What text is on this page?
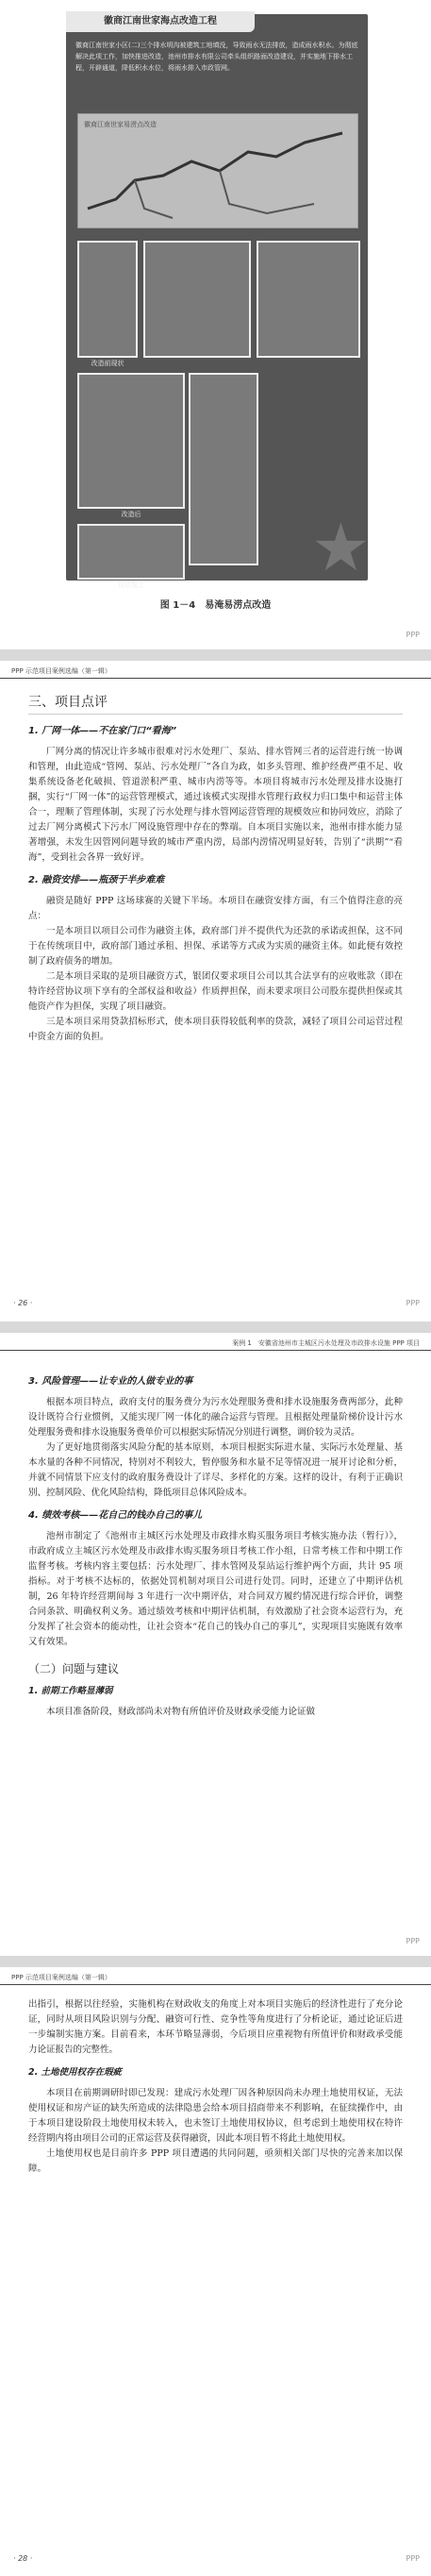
徽商江南世家海点改造工程
徽商江南世家小区(二)三个排水明沟被建筑工地填没，导致雨水无法排放，造成雨水积水。为彻底解决此项工作，加快推进改造，池州市排水有限公司牵头组织路面改造建设，并实施地下排水工程，开辟通道，降低积水水位，将雨水排入市政管网。
徽商江南世家易涝点改造
改造前现状
改造后
现场施工	★
图 1－4　易淹易涝点改造
PPP
PPP 示范项目案例选编（第一辑）
三、项目点评
1. 厂网一体——不在家门口“看海”

厂网分离的情况让许多城市很难对污水处理厂、泵站、排水管网三者的运营进行统一协调和管理，由此造成“管网、泵站、污水处理厂”各自为政，如多头管理、维护经费严重不足、收集系统设备老化破损、管道淤积严重、城市内涝等等。本项目将城市污水处理及排水设施打捆，实行“厂网一体”的运营管理模式，通过该模式实现排水管理行政权力归口集中和运营主体合一，理顺了管理体制，实现了污水处理与排水管网运营管理的规模效应和协同效应，消除了过去厂网分离模式下污水厂网设施管理中存在的弊端。自本项目实施以来，池州市排水能力显著增强，未发生因管网问题导致的城市严重内涝，局部内涝情况明显好转，告别了“洪期”“看海”，受到社会各界一致好评。

2. 融资安排——瓶颈于半步难难

融资是随好 PPP 这场球赛的关键下半场。本项目在融资安排方面，有三个值得注意的亮点：

一是本项目以项目公司作为融资主体，政府部门并不提供代为还款的承诺或担保，这不同于在传统项目中，政府部门通过承租、担保、承诺等方式或为实质的融资主体。如此便有效控制了政府债务的增加。

二是本项目采取的是项目融资方式，银团仅要求项目公司以其合法享有的应收账款（即在特许经营协议项下享有的全部权益和收益）作质押担保，而未要求项目公司股东提供担保或其他资产作为担保，实现了项目融资。

三是本项目采用贷款招标形式，使本项目获得较低利率的贷款，减轻了项目公司运营过程中资金方面的负担。

· 26 ·	PPP
案例 1　安徽省池州市主城区污水处理及市政排水设施 PPP 项目
3. 风险管理——让专业的人做专业的事

根据本项目特点，政府支付的服务费分为污水处理服务费和排水设施服务费两部分，此种设计既符合行业惯例，又能实现厂网一体化的融合运营与管理。且根据处理量阶梯价设计污水处理服务费和排水设施服务费单价可以根据实际情况分别进行调整，调价较为灵活。

为了更好地贯彻落实风险分配的基本原则，本项目根据实际进水量、实际污水处理量、基本水量的各种不同情况，特别对不利较大，暂停服务和水量不足等情况进一展开讨论和分析，并就不同情景下应支付的政府服务费设计了详尽、多样化的方案。这样的设计，有利于正确识别、控制风险、优化风险结构，降低项目总体风险成本。

4. 绩效考核——花自己的钱办自己的事儿

池州市制定了《池州市主城区污水处理及市政排水购买服务项目考核实施办法（暂行）》，市政府成立主城区污水处理及市政排水购买服务项目考核工作小组，日常考核工作和中期工作监督考核。考核内容主要包括：污水处理厂、排水管网及泵站运行维护两个方面，共计 95 项指标。对于考核不达标的，依据处罚机制对项目公司进行处罚。同时，还建立了中期评估机制，26 年特许经营期间每 3 年进行一次中期评估，对合同双方履约情况进行综合评价，调整合同条款、明确权利义务。通过绩效考核和中期评估机制，有效激励了社会资本运营行为，充分发挥了社会资本的能动性，让社会资本“花自己的钱办自己的事儿”，实现项目实施既有效率又有效果。

（二）问题与建议
1. 前期工作略显薄弱

本项目准备阶段，财政部尚未对物有所值评价及财政承受能力论证做

PPP
PPP 示范项目案例选编（第一辑）

出指引，根据以往经验，实施机构在财政收支的角度上对本项目实施后的经济性进行了充分论证，同时从项目风险识别与分配、融资可行性、竞争性等角度进行了分析论证，通过论证后进一步编制实施方案。目前看来，本环节略显薄弱，今后项目应重视物有所值评价和财政承受能力论证报告的完整性。

2. 土地使用权存在瑕疵

本项目在前期调研时即已发现：建成污水处理厂因各种原因尚未办理土地使用权证，无法使用权证和房产证的缺失所造成的法律隐患会给本项目招商带来不利影响，在征续操作中，由于本项目建设阶段土地使用权未转入，也未签订土地使用权协议，但考虑到土地使用权在特许经营期内将由项目公司的正常运营及获得融资，因此本项目暂不将此土地使用权。

土地使用权也是目前许多 PPP 项目遭遇的共同问题，亟须相关部门尽快的完善来加以保障。

· 28 ·	PPP
